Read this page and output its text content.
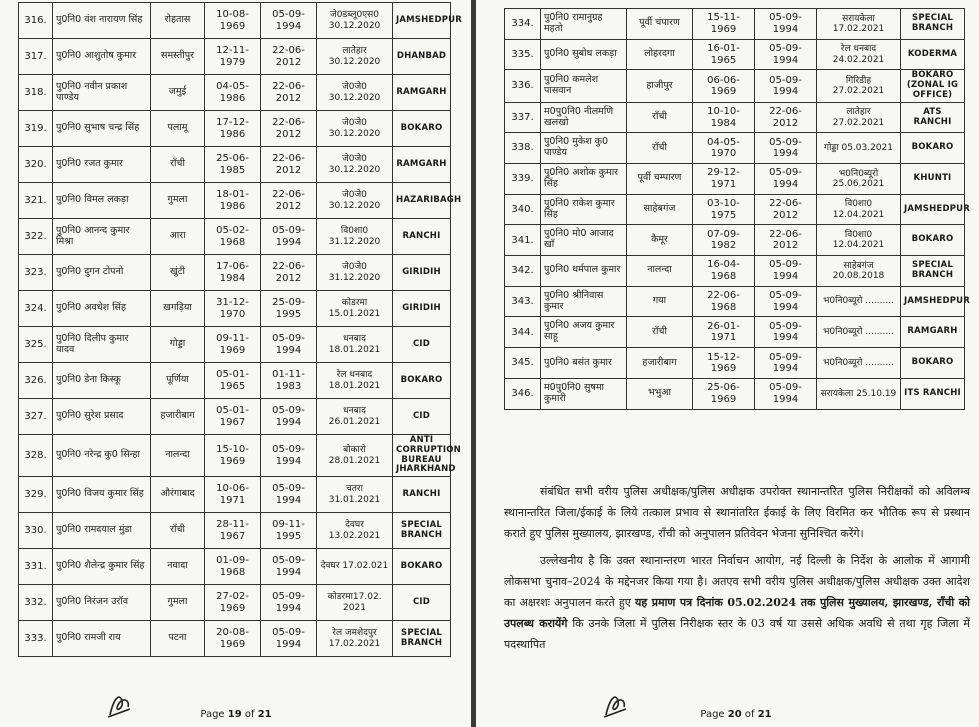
316.	पु0नि0 वंश नारायण सिंह	रोहतास	10-08-1969	05-09-1994	जे0डब्लू0एस0 30.12.2020	JAMSHEDPUR
317.	पु0नि0 आशुतोष कुमार	समस्तीपुर	12-11-1979	22-06-2012	लातेहार 30.12.2020	DHANBAD
318.	पु0नि0 नवीन प्रकाश पाण्डेय	जमुई	04-05-1986	22-06-2012	जे0जे0 30.12.2020	RAMGARH
319.	पु0नि0 सुभाष चन्द्र सिंह	पलामू	17-12-1986	22-06-2012	जे0जे0 30.12.2020	BOKARO
320.	पु0नि0 रजत कुमार	राँची	25-06-1985	22-06-2012	जे0जे0 30.12.2020	RAMGARH
321.	पु0नि0 विमल लकड़ा	गुमला	18-01-1986	22-06-2012	जे0जे0 30.12.2020	HAZARIBAGH
322.	पु0नि0 आनन्द कुमार मिश्रा	आरा	05-02-1968	05-09-1994	वि0शा0 31.12.2020	RANCHI
323.	पु0नि0 दुगन टोपनो	खुंटी	17-06-1984	22-06-2012	जे0जे0 31.12.2020	GIRIDIH
324.	पु0नि0 अवधेश सिंह	खगड़िया	31-12-1970	25-09-1995	कोडरमा 15.01.2021	GIRIDIH
325.	पु0नि0 दिलीप कुमार यादव	गोड्डा	09-11-1969	05-09-1994	धनबाद 18.01.2021	CID
326.	पु0नि0 डेना किस्कू	पूर्णिया	05-01-1965	01-11-1983	रेल धनबाद 18.01.2021	BOKARO
327.	पु0नि0 सुरेश प्रसाद	हजारीबाग	05-01-1967	05-09-1994	धनबाद 26.01.2021	CID
328.	पु0नि0 नरेन्द्र कु0 सिन्हा	नालन्दा	15-10-1969	05-09-1994	बोकारो 28.01.2021	ANTI CORRUPTION BUREAU JHARKHAND
329.	पु0नि0 विजय कुमार सिंह	औरंगाबाद	10-06-1971	05-09-1994	चतरा 31.01.2021	RANCHI
330.	पु0नि0 रामदयाल मुंडा	राँची	28-11-1967	09-11-1995	देवघर 13.02.2021	SPECIAL BRANCH
331.	पु0नि0 शैलेन्द्र कुमार सिंह	नवादा	01-09-1968	05-09-1994	देवघर 17.02.021	BOKARO
332.	पु0नि0 निरंजन उरॉव	गुमला	27-02-1969	05-09-1994	कोडरमा17.02. 2021	CID
333.	पु0नि0 रामजी राय	पटना	20-08-1969	05-09-1994	रेल जमशेदपुर 17.02.2021	SPECIAL BRANCH
Page 19 of 21
334.	पु0नि0 रामानुग्रह महतो	पूर्वी चंपारण	15-11-1969	05-09-1994	सरायकेला 17.02.2021	SPECIAL BRANCH
335.	पु0नि0 सुबोध लकड़ा	लोहरदगा	16-01-1965	05-09-1994	रेल धनबाद 24.02.2021	KODERMA
336.	पु0नि0 कमलेश पासवान	हाजीपुर	06-06-1969	05-09-1994	गिरिडीह 27.02.2021	BOKARO (ZONAL IG OFFICE)
337.	म0पु0नि0 नीलमणि खलखो	राँची	10-10-1984	22-06-2012	लातेहार 27.02.2021	ATS RANCHI
338.	पु0नि0 मुकेश कु0 पाण्डेय	राँची	04-05-1970	05-09-1994	गोड्डा 05.03.2021	BOKARO
339.	पु0नि0 अशोक कुमार सिंह	पूर्वी चम्पारण	29-12-1971	05-09-1994	भ0नि0ब्यूरो 25.06.2021	KHUNTI
340.	पु0नि0 राकेश कुमार सिंह	साहेबगंज	03-10-1975	22-06-2012	वि0शा0 12.04.2021	JAMSHEDPUR
341.	पु0नि0 मो0 आजाद खॉं	कैमूर	07-09-1982	22-06-2012	वि0शा0 12.04.2021	BOKARO
342.	पु0नि0 धर्मपाल कुमार	नालन्दा	16-04-1968	05-09-1994	साहेबगंज 20.08.2018	SPECIAL BRANCH
343.	पु0नि0 श्रीनिवास कुमार	गया	22-06-1968	05-09-1994	भ0नि0ब्यूरो ..........	JAMSHEDPUR
344.	पु0नि0 अजय कुमार साहू	राँची	26-01-1971	05-09-1994	भ0नि0ब्यूरो ..........	RAMGARH
345.	पु0नि0 बसंत कुमार	हजारीबाग	15-12-1969	05-09-1994	भ0नि0ब्यूरो ..........	BOKARO
346.	म0पु0नि0 सुषमा कुमारी	भभुआ	25-06-1969	05-09-1994	सरायकेला 25.10.19	ITS RANCHI

संबंधित सभी वरीय पुलिस अधीक्षक/पुलिस अधीक्षक उपरोक्त स्थानान्तरित पुलिस निरीक्षकों को अविलम्ब स्थानान्तरित जिला/ईकाई के लिये तत्काल प्रभाव से स्थानांतरित ईकाई के लिए विरमित कर भौतिक रूप से प्रस्थान कराते हुए पुलिस मुख्यालय, झारखण्ड, राँची को अनुपालन प्रतिवेदन भेजना सुनिश्चित करेंगे।

उल्लेखनीय है कि उक्त स्थानान्तरण भारत निर्वाचन आयोग, नई दिल्ली के निर्देश के आलोक में आगामी लोकसभा चुनाव–2024 के मद्देनजर किया गया है। अतएव सभी वरीय पुलिस अधीक्षक/पुलिस अधीक्षक उक्त आदेश का अक्षरशः अनुपालन करते हुए यह प्रमाण पत्र दिनांक 05.02.2024 तक पुलिस मुख्यालय, झारखण्ड, राँची को उपलब्ध करायेंगे कि उनके जिला में पुलिस निरीक्षक स्तर के 03 वर्ष या उससे अधिक अवधि से तथा गृह जिला में पदस्थापित

Page 20 of 21
